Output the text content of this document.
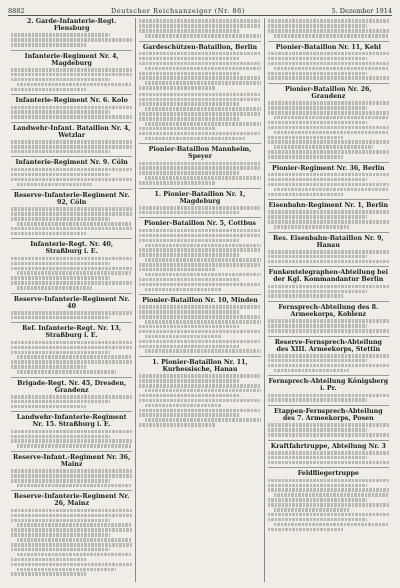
8882	Deutscher Reichsanzeiger (Nr. 86)	5. Dezember 1914
2. Garde-Infanterie-Regt. Flensburg
Infanterie-Regiment Nr. 4, Magdeburg
Infanterie-Regiment Nr. 6. Kolo
Landwehr-Infant. Bataillon Nr. 4, Wetzlar
Infanterie-Regiment Nr. 9. Cöln
Reserve-Infanterie-Regiment Nr. 92, Cöln
Infanterie-Regt. Nr. 40, Straßburg i. E.
Reserve-Infanterie-Regiment Nr. 40
Ref. Infanterie-Regt. Nr. 13, Straßburg i. E.
Brigade-Regt. Nr. 45, Dresden, Grandenz
Landwehr-Infanterie-Regiment Nr. 15. Straßburg i. E.
Reserve-Infant.-Regiment Nr. 36, Mainz
Reserve-Infanterie-Regiment Nr. 26, Mainz
Gardeschützen-Bataillon, Berlin
Pionier-Bataillon Mannheim, Speyer
1. Pionier-Bataillon Nr. 1, Magdeburg
Pionier-Bataillon Nr. 5, Cottbus
Pionier-Bataillon Nr. 10, Minden
1. Pionier-Bataillon Nr. 11, Kurhessische, Hanau
Pionier-Bataillon Nr. 11, Kehl
Pionier-Bataillon Nr. 26, Graudenz
Pionier-Regiment Nr. 36, Berlin
Eisenbahn-Regiment Nr. 1, Berlin
Res. Eisenbahn-Bataillon Nr. 9, Hanau
Funkentelegraphen-Abteilung bei der Kgl. Kommandantur Berlin
Fernsprech-Abteilung des 8. Armeekorps, Koblenz
Reserve-Fernsprech-Abteilung des XIII. Armeekorps, Stettin
Fernsprech-Abteilung Königsberg i. Pr.
Etappen-Fernsprech-Abteilung des 7. Armeekorps, Posen
Kraftfahrtruppe, Abteilung Nr. 3
Feldfliegertruppe
